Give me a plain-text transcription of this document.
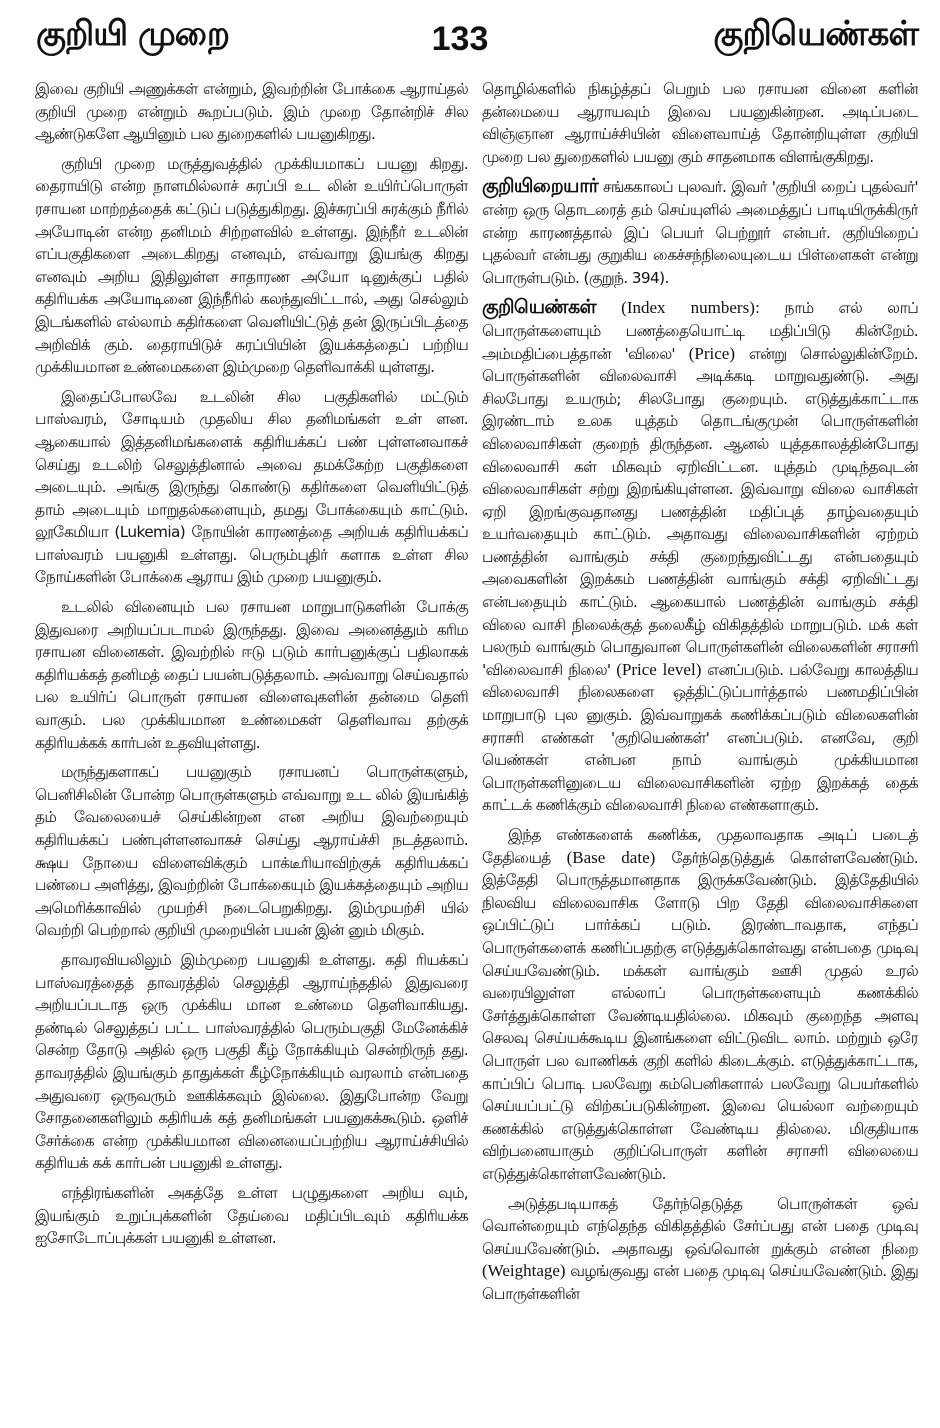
குறியி முறை	133	குறியெண்கள்

இவை குறியி அணுக்கள் என்றும், இவற்றின் போக்கை ஆராய்தல் குறியி முறை என்றும் கூறப்படும். இம் முறை தோன்றிச் சில ஆண்டுகளே ஆயினும் பல துறைகளில் பயனுகிறது.

குறியி முறை மருத்துவத்தில் முக்கியமாகப் பயனு கிறது. தைராயிடு என்ற நாளமில்லாச் சுரப்பி உட லின் உயிர்ப்பொருள் ரசாயன மாற்றத்தைக் கட்டுப் படுத்துகிறது. இச்சுரப்பி சுரக்கும் நீரில் அயோடின் என்ற தனிமம் சிற்றளவில் உள்ளது. இந்நீர் உடலின் எப்பகுதிகளை அடைகிறது எனவும், எவ்வாறு இயங்கு கிறது எனவும் அறிய இதிலுள்ள சாதாரண அயோ டினுக்குப் பதில் கதிரியக்க அயோடினை இந்நீரில் கலந்துவிட்டால், அது செல்லும் இடங்களில் எல்லாம் கதிர்களை வெளியிட்டுத் தன் இருப்பிடத்தை அறிவிக் கும். தைராயிடுச் சுரப்பியின் இயக்கத்தைப் பற்றிய முக்கியமான உண்மைகளை இம்முறை தெளிவாக்கி யுள்ளது.

இதைப்போலவே உடலின் சில பகுதிகளில் மட்டும் பாஸ்வரம், சோடியம் முதலிய சில தனிமங்கள் உள் ளன. ஆகையால் இத்தனிமங்களைக் கதிரியக்கப் பண் புள்ளனவாகச் செய்து உடலிற் செலுத்தினால் அவை தமக்கேற்ற பகுதிகளை அடையும். அங்கு இருந்து கொண்டு கதிர்களை வெளியிட்டுத் தாம் அடையும் மாறுதல்களையும், தமது போக்கையும் காட்டும். லூகேமியா (Lukemia) நோயின் காரணத்தை அறியக் கதிரியக்கப் பாஸ்வரம் பயனுகி உள்ளது. பெரும்புதிர் களாக உள்ள சில நோய்களின் போக்கை ஆராய இம் முறை பயனுகும்.

உடலில் வினையும் பல ரசாயன மாறுபாடுகளின் போக்கு இதுவரை அறியப்படாமல் இருந்தது. இவை அனைத்தும் கரிம ரசாயன வினைகள். இவற்றில் ஈடு படும் கார்பனுக்குப் பதிலாகக் கதிரியக்கத் தனிமத் தைப் பயன்படுத்தலாம். அவ்வாறு செய்வதால் பல உயிர்ப் பொருள் ரசாயன விளைவுகளின் தன்மை தெளி வாகும். பல முக்கியமான உண்மைகள் தெளிவாவ தற்குக் கதிரியக்கக் கார்பன் உதவியுள்ளது.

மருந்துகளாகப் பயனுகும் ரசாயனப் பொருள்களும், பெனிசிலின் போன்ற பொருள்களும் எவ்வாறு உட லில் இயங்கித் தம் வேலையைச் செய்கின்றன என அறிய இவற்றையும் கதிரியக்கப் பண்புள்ளனவாகச் செய்து ஆராய்ச்சி நடத்தலாம். க்ஷய நோயை விளைவிக்கும் பாக்டீரியாவிற்குக் கதிரியக்கப் பண்பை அளித்து, இவற்றின் போக்கையும் இயக்கத்தையும் அறிய அமெரிக்காவில் முயற்சி நடைபெறுகிறது. இம்முயற்சி யில் வெற்றி பெற்றால் குறியி முறையின் பயன் இன் னும் மிகும்.

தாவரவியலிலும் இம்முறை பயனுகி உள்ளது. கதி ரியக்கப் பாஸ்வரத்தைத் தாவரத்தில் செலுத்தி ஆராய்ந்ததில் இதுவரை அறியப்படாத ஒரு முக்கிய மான உண்மை தெளிவாகியது. தண்டில் செலுத்தப் பட்ட பாஸ்வரத்தில் பெரும்பகுதி மேனேக்கிச் சென்ற தோடு அதில் ஒரு பகுதி கீழ் நோக்கியும் சென்றிருந் தது. தாவரத்தில் இயங்கும் தாதுக்கள் கீழ்நோக்கியும் வரலாம் என்பதை அதுவரை ஒருவரும் ஊகிக்கவும் இல்லை. இதுபோன்ற வேறு சோதனைகளிலும் கதிரியக் கத் தனிமங்கள் பயனுகக்கூடும். ஒளிச் சேர்க்கை என்ற முக்கியமான வினையைப்பற்றிய ஆராய்ச்சியில் கதிரியக் கக் கார்பன் பயனுகி உள்ளது.

எந்திரங்களின் அகத்தே உள்ள பழுதுகளை அறிய வும், இயங்கும் உறுப்புக்களின் தேய்வை மதிப்பிடவும் கதிரியக்க ஐசோடோப்புக்கள் பயனுகி உள்ளன.

தொழில்களில் நிகழ்த்தப் பெறும் பல ரசாயன வினை களின் தன்மையை ஆராயவும் இவை பயனுகின்றன. அடிப்படை விஞ்ஞான ஆராய்ச்சியின் விளைவாய்த் தோன்றியுள்ள குறியி முறை பல துறைகளில் பயனு கும் சாதனமாக விளங்குகிறது.

குறியிறையார் சங்ககாலப் புலவர். இவர் 'குறியி றைப் புதல்வர்' என்ற ஒரு தொடரைத் தம் செய்யுளில் அமைத்துப் பாடியிருக்கிருர் என்ற காரணத்தால் இப் பெயர் பெற்றூர் என்பர். குறியிறைப் புதல்வர் என்பது குறுகிய கைச்சந்நிலையுடைய பிள்ளைகள் என்று பொருள்படும். (குறுந். 394).

குறியெண்கள் (Index numbers): நாம் எல் லாப் பொருள்களையும் பணத்தையொட்டி மதிப்பிடு கின்றேம். அம்மதிப்பைத்தான் 'விலை' (Price) என்று சொல்லுகின்றேம். பொருள்களின் விலைவாசி அடிக்கடி மாறுவதுண்டு. அது சிலபோது உயரும்; சிலபோது குறையும். எடுத்துக்காட்டாக இரண்டாம் உலக யுத்தம் தொடங்குமுன் பொருள்களின் விலைவாசிகள் குறைந் திருந்தன. ஆனல் யுத்தகாலத்தின்போது விலைவாசி கள் மிகவும் ஏறிவிட்டன. யுத்தம் முடிந்தவுடன் விலைவாசிகள் சற்று இறங்கியுள்ளன. இவ்வாறு விலை வாசிகள் ஏறி இறங்குவதானது பணத்தின் மதிப்புத் தாழ்வதையும் உயர்வதையும் காட்டும். அதாவது விலைவாசிகளின் ஏற்றம் பணத்தின் வாங்கும் சக்தி குறைந்துவிட்டது என்பதையும் அவைகளின் இறக்கம் பணத்தின் வாங்கும் சக்தி ஏறிவிட்டது என்பதையும் காட்டும். ஆகையால் பணத்தின் வாங்கும் சக்தி விலை வாசி நிலைக்குத் தலைகீழ் விகிதத்தில் மாறுபடும். மக் கள் பலரும் வாங்கும் பொதுவான பொருள்களின் விலைகளின் சராசரி 'விலைவாசி நிலை' (Price level) எனப்படும். பல்வேறு காலத்திய விலைவாசி நிலைகளை ஒத்திட்டுப்பார்த்தால் பணமதிப்பின் மாறுபாடு புல னுகும். இவ்வாறுகக் கணிக்கப்படும் விலைகளின் சராசரி எண்கள் 'குறியெண்கள்' எனப்படும். எனவே, குறி யெண்கள் என்பன நாம் வாங்கும் முக்கியமான பொருள்களினுடைய விலைவாசிகளின் ஏற்ற இறக்கத் தைக் காட்டக் கணிக்கும் விலைவாசி நிலை எண்களாகும்.

இந்த எண்களைக் கணிக்க, முதலாவதாக அடிப் படைத் தேதியைத் (Base date) தேர்ந்தெடுத்துக் கொள்ளவேண்டும். இத்தேதி பொருத்தமானதாக இருக்கவேண்டும். இத்தேதியில் நிலவிய விலைவாசிக ளோடு பிற தேதி விலைவாசிகளை ஒப்பிட்டுப் பார்க்கப் படும். இரண்டாவதாக, எந்தப் பொருள்களைக் கணிப்பதற்கு எடுத்துக்கொள்வது என்பதை முடிவு செய்யவேண்டும். மக்கள் வாங்கும் ஊசி முதல் உரல் வரையிலுள்ள எல்லாப் பொருள்களையும் கணக்கில் சேர்த்துக்கொள்ள வேண்டியதில்லை. மிகவும் குறைந்த அளவு செலவு செய்யக்கூடிய இனங்களை விட்டுவிட லாம். மற்றும் ஒரே பொருள் பல வாணிகக் குறி களில் கிடைக்கும். எடுத்துக்காட்டாக, காப்பிப் பொடி பலவேறு கம்பெனிகளால் பலவேறு பெயர்களில் செய்யப்பட்டு விற்கப்படுகின்றன. இவை யெல்லா வற்றையும் கணக்கில் எடுத்துக்கொள்ள வேண்டிய தில்லை. மிகுதியாக விற்பனையாகும் குறிப்பொருள் களின் சராசரி விலையை எடுத்துக்கொள்ளவேண்டும்.

அடுத்தபடியாகத் தேர்ந்தெடுத்த பொருள்கள் ஒவ் வொன்றையும் எந்தெந்த விகிதத்தில் சேர்ப்பது என் பதை முடிவு செய்யவேண்டும். அதாவது ஒவ்வொன் றுக்கும் என்ன நிறை (Weightage) வழங்குவது என் பதை முடிவு செய்யவேண்டும். இது பொருள்களின்
